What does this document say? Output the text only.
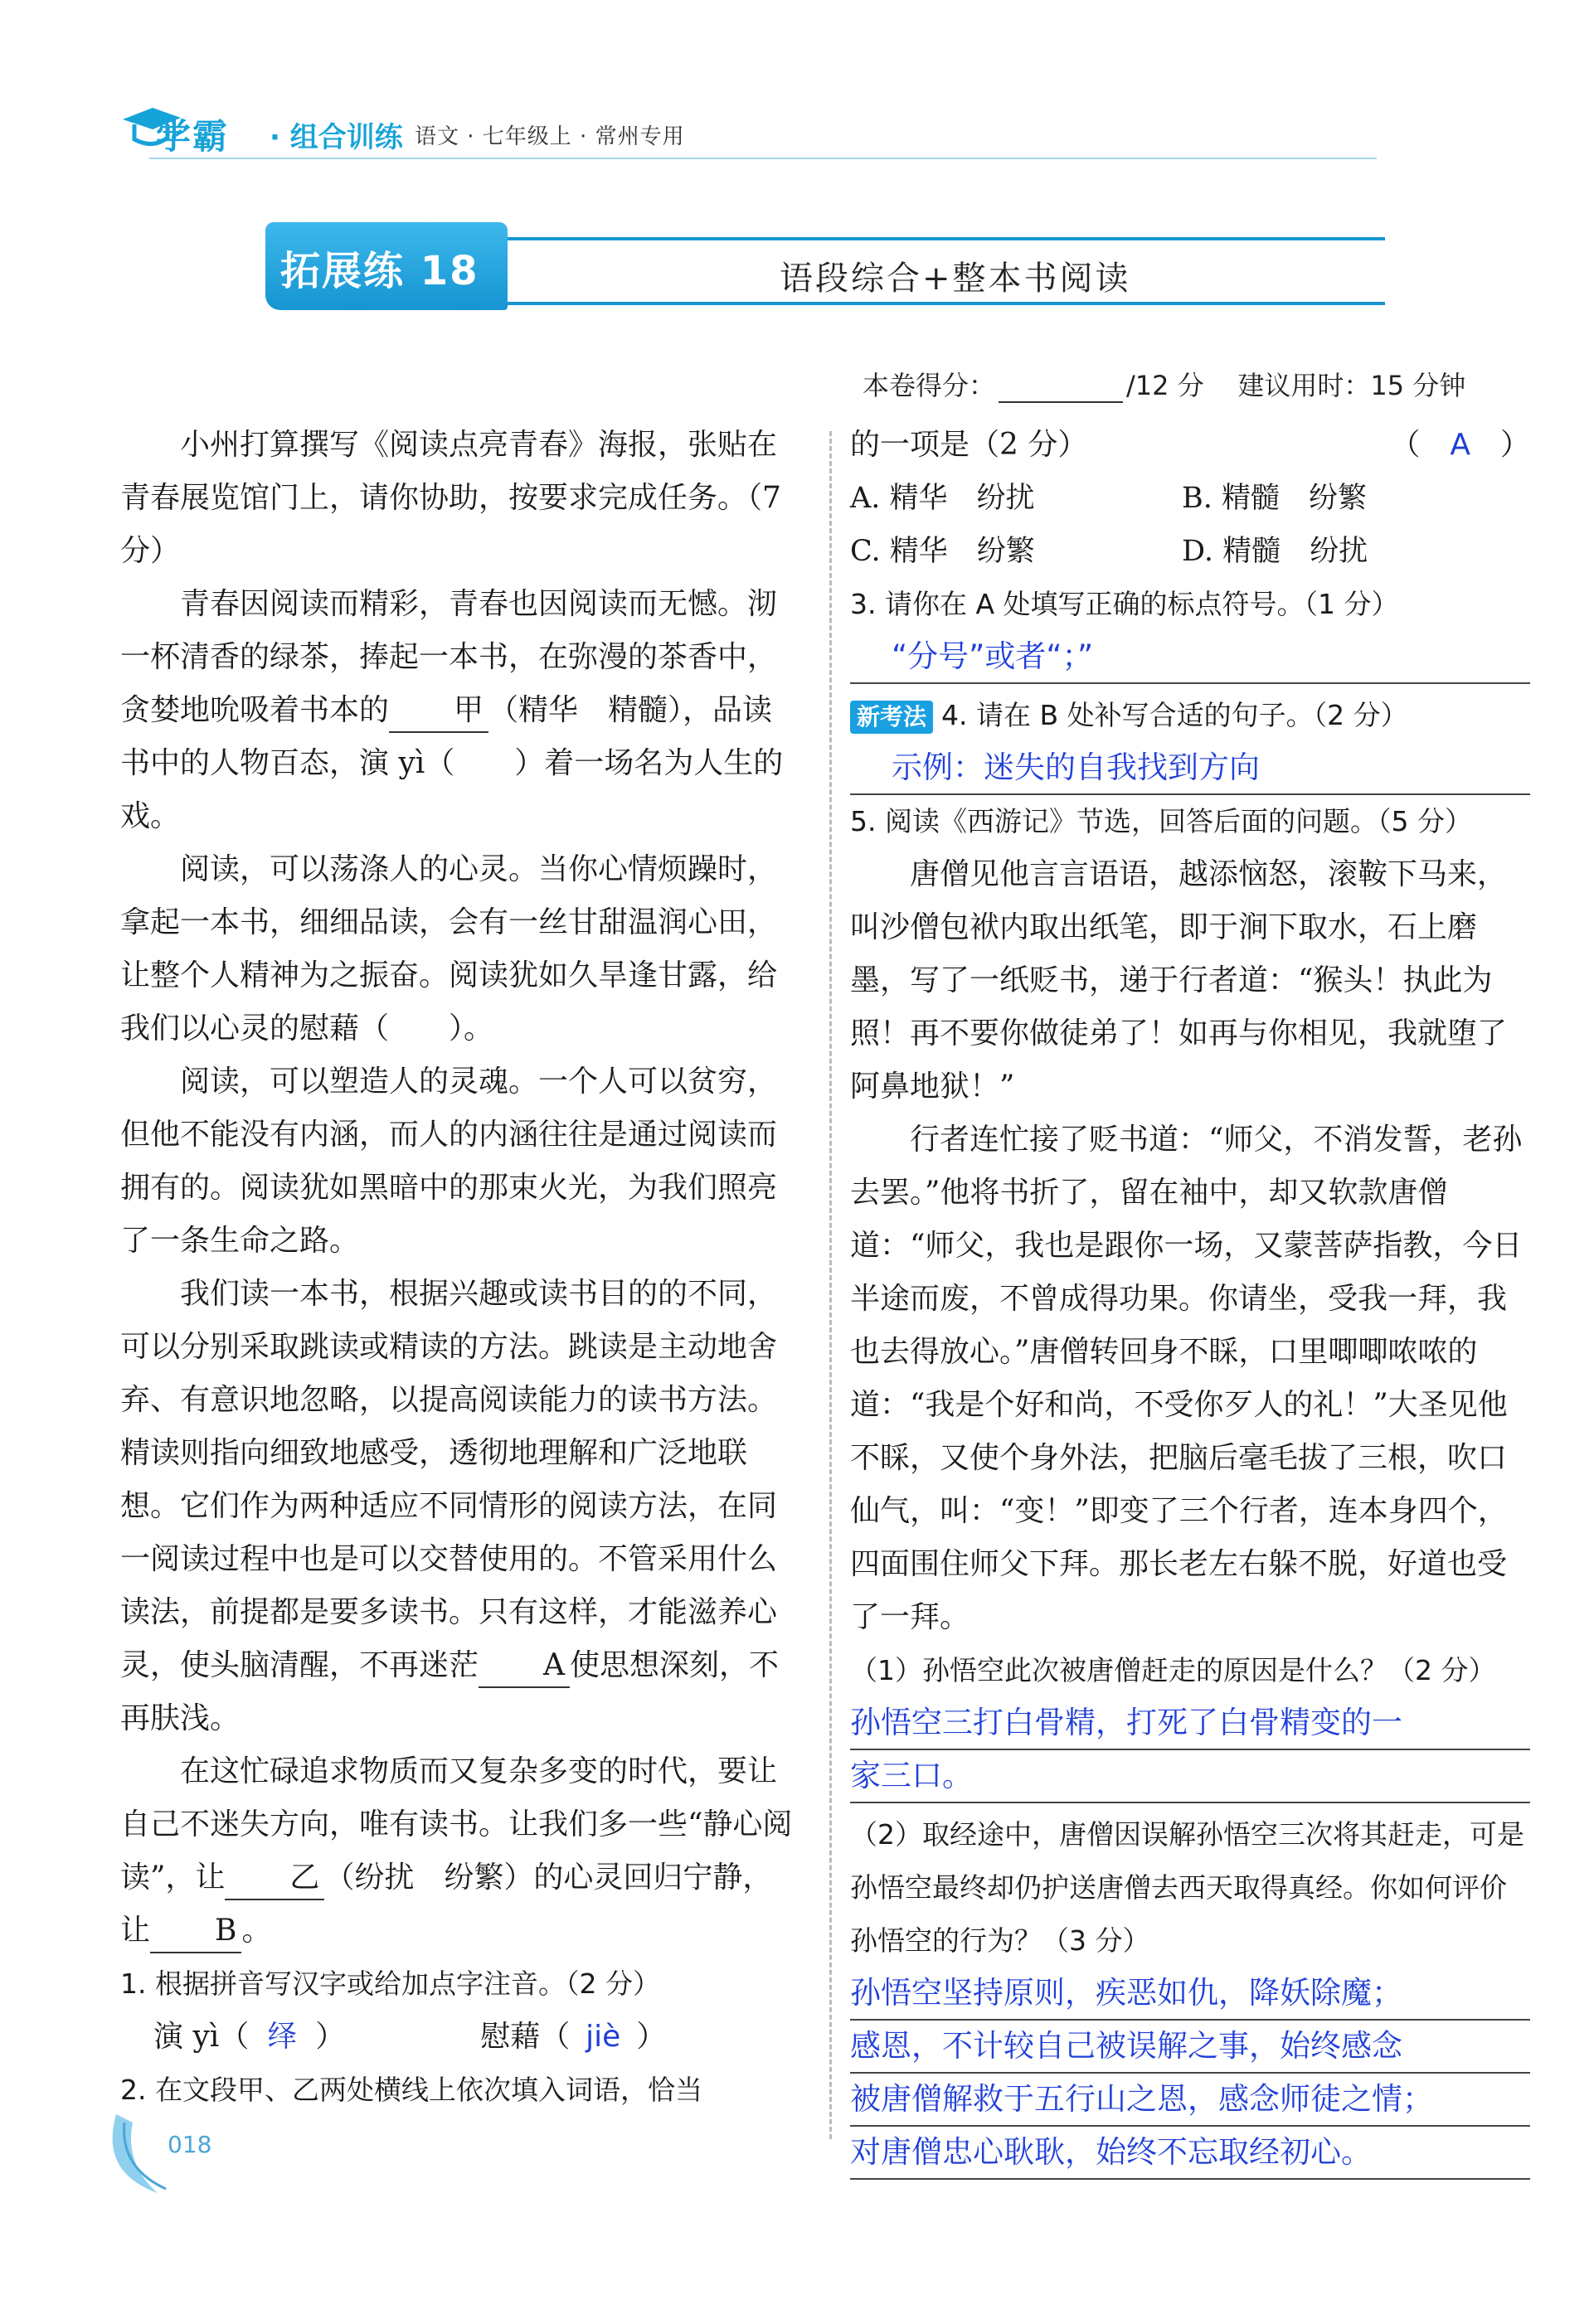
学霸 · 组合训练 语文 · 七年级上 · 常州专用
拓展练 18	语段综合+整本书阅读
本卷得分：	/12 分 建议用时：15 分钟

小州打算撰写《阅读点亮青春》海报，张贴在青春展览馆门上，请你协助，按要求完成任务。（7 分）

青春因阅读而精彩，青春也因阅读而无憾。沏一杯清香的绿茶，捧起一本书，在弥漫的茶香中，贪婪地吮吸着书本的 甲 （精华　精髓），品读书中的人物百态，演 yì（　　）着一场名为人生的戏。

阅读，可以荡涤人的心灵。当你心情烦躁时，拿起一本书，细细品读，会有一丝甘甜温润心田，让整个人精神为之振奋。阅读犹如久旱逢甘露，给我们以心灵的慰藉（　　）。

阅读，可以塑造人的灵魂。一个人可以贫穷，但他不能没有内涵，而人的内涵往往是通过阅读而拥有的。阅读犹如黑暗中的那束火光，为我们照亮了一条生命之路。

我们读一本书，根据兴趣或读书目的的不同，可以分别采取跳读或精读的方法。跳读是主动地舍弃、有意识地忽略，以提高阅读能力的读书方法。精读则指向细致地感受，透彻地理解和广泛地联想。它们作为两种适应不同情形的阅读方法，在同一阅读过程中也是可以交替使用的。不管采用什么读法，前提都是要多读书。只有这样，才能滋养心灵，使头脑清醒，不再迷茫 A 使思想深刻，不再肤浅。

在这忙碌追求物质而又复杂多变的时代，要让自己不迷失方向，唯有读书。让我们多一些“静心阅读”，让 乙 （纷扰　纷繁）的心灵回归宁静，让 B 。

1. 根据拼音写汉字或给加点字注音。（2 分）

演 yì（ 绎 ）	慰藉（ jiè ）

2. 在文段甲、乙两处横线上依次填入词语，恰当

的一项是（2 分）	（　A　）

A. 精华　纷扰	B. 精髓　纷繁
C. 精华　纷繁	D. 精髓　纷扰

3. 请你在 A 处填写正确的标点符号。（1 分）

“分号”或者“；”

新考法 4. 请在 B 处补写合适的句子。（2 分）

示例：迷失的自我找到方向

5. 阅读《西游记》节选，回答后面的问题。（5 分）

唐僧见他言言语语，越添恼怒，滚鞍下马来，叫沙僧包袱内取出纸笔，即于涧下取水，石上磨墨，写了一纸贬书，递于行者道：“猴头！执此为照！再不要你做徒弟了！如再与你相见，我就堕了阿鼻地狱！”

行者连忙接了贬书道：“师父，不消发誓，老孙去罢。”他将书折了，留在袖中，却又软款唐僧道：“师父，我也是跟你一场，又蒙菩萨指教，今日半途而废，不曾成得功果。你请坐，受我一拜，我也去得放心。”唐僧转回身不睬，口里唧唧哝哝的道：“我是个好和尚，不受你歹人的礼！”大圣见他不睬，又使个身外法，把脑后毫毛拔了三根，吹口仙气，叫：“变！”即变了三个行者，连本身四个，四面围住师父下拜。那长老左右躲不脱，好道也受了一拜。

（1）孙悟空此次被唐僧赶走的原因是什么？（2 分）

孙悟空三打白骨精，打死了白骨精变的一

家三口。

（2）取经途中，唐僧因误解孙悟空三次将其赶走，可是孙悟空最终却仍护送唐僧去西天取得真经。你如何评价孙悟空的行为？（3 分）

孙悟空坚持原则，疾恶如仇，降妖除魔；

感恩，不计较自己被误解之事，始终感念

被唐僧解救于五行山之恩，感念师徒之情；

对唐僧忠心耿耿，始终不忘取经初心。

018
